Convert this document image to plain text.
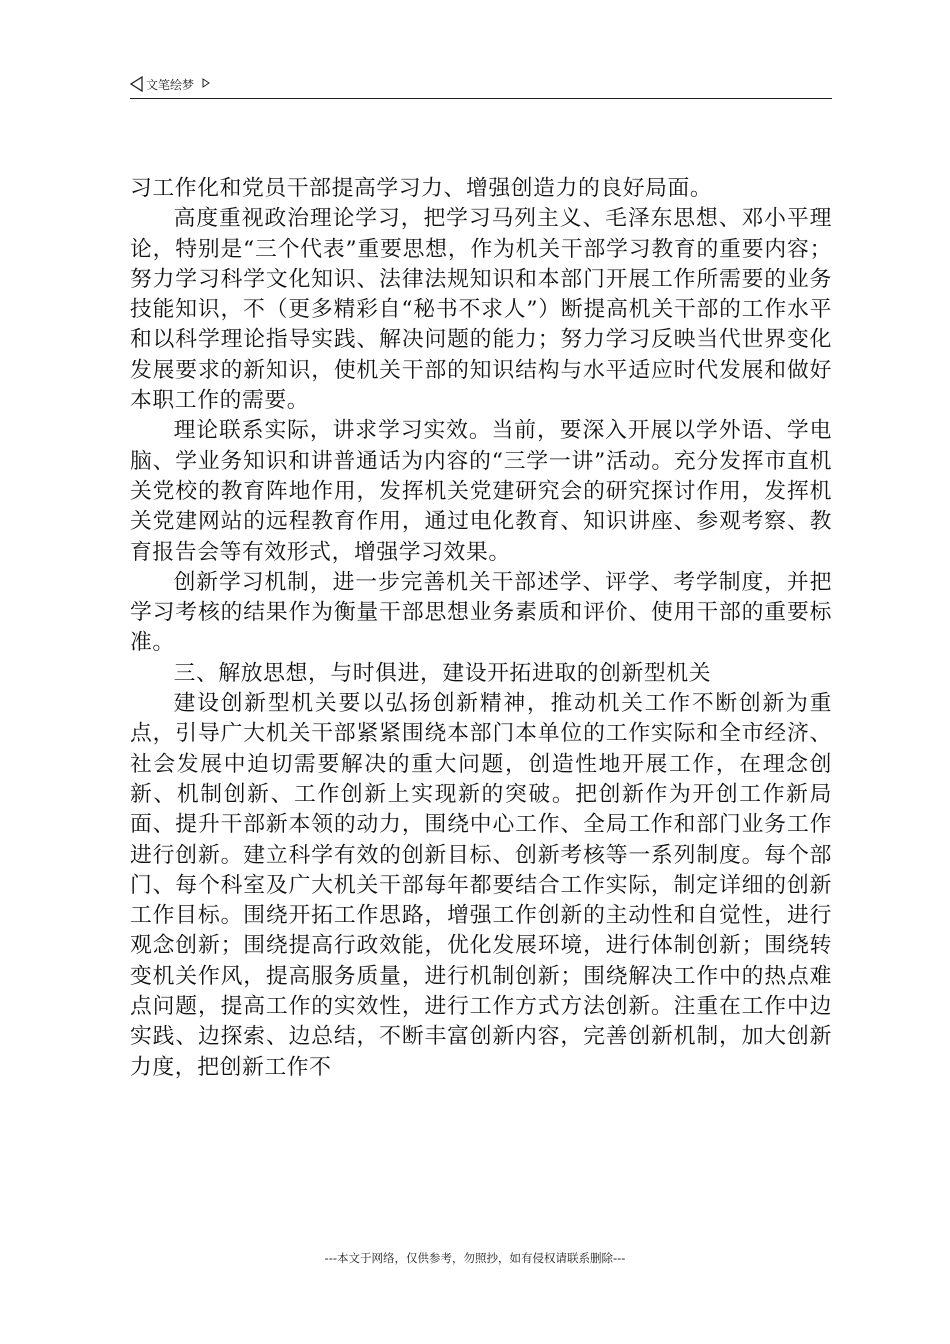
文笔绘梦

习工作化和党员干部提高学习力、增强创造力的良好局面。

高度重视政治理论学习，把学习马列主义、毛泽东思想、邓小平理论，特别是“三个代表”重要思想，作为机关干部学习教育的重要内容；努力学习科学文化知识、法律法规知识和本部门开展工作所需要的业务技能知识，不（更多精彩自“秘书不求人”）断提高机关干部的工作水平和以科学理论指导实践、解决问题的能力；努力学习反映当代世界变化发展要求的新知识，使机关干部的知识结构与水平适应时代发展和做好本职工作的需要。

理论联系实际，讲求学习实效。当前，要深入开展以学外语、学电脑、学业务知识和讲普通话为内容的“三学一讲”活动。充分发挥市直机关党校的教育阵地作用，发挥机关党建研究会的研究探讨作用，发挥机关党建网站的远程教育作用，通过电化教育、知识讲座、参观考察、教育报告会等有效形式，增强学习效果。

创新学习机制，进一步完善机关干部述学、评学、考学制度，并把学习考核的结果作为衡量干部思想业务素质和评价、使用干部的重要标准。

三、解放思想，与时俱进，建设开拓进取的创新型机关

建设创新型机关要以弘扬创新精神，推动机关工作不断创新为重点，引导广大机关干部紧紧围绕本部门本单位的工作实际和全市经济、社会发展中迫切需要解决的重大问题，创造性地开展工作，在理念创新、机制创新、工作创新上实现新的突破。把创新作为开创工作新局面、提升干部新本领的动力，围绕中心工作、全局工作和部门业务工作进行创新。建立科学有效的创新目标、创新考核等一系列制度。每个部门、每个科室及广大机关干部每年都要结合工作实际，制定详细的创新工作目标。围绕开拓工作思路，增强工作创新的主动性和自觉性，进行观念创新；围绕提高行政效能，优化发展环境，进行体制创新；围绕转变机关作风，提高服务质量，进行机制创新；围绕解决工作中的热点难点问题，提高工作的实效性，进行工作方式方法创新。注重在工作中边实践、边探索、边总结，不断丰富创新内容，完善创新机制，加大创新力度，把创新工作不

---本文于网络，仅供参考，勿照抄，如有侵权请联系删除---
